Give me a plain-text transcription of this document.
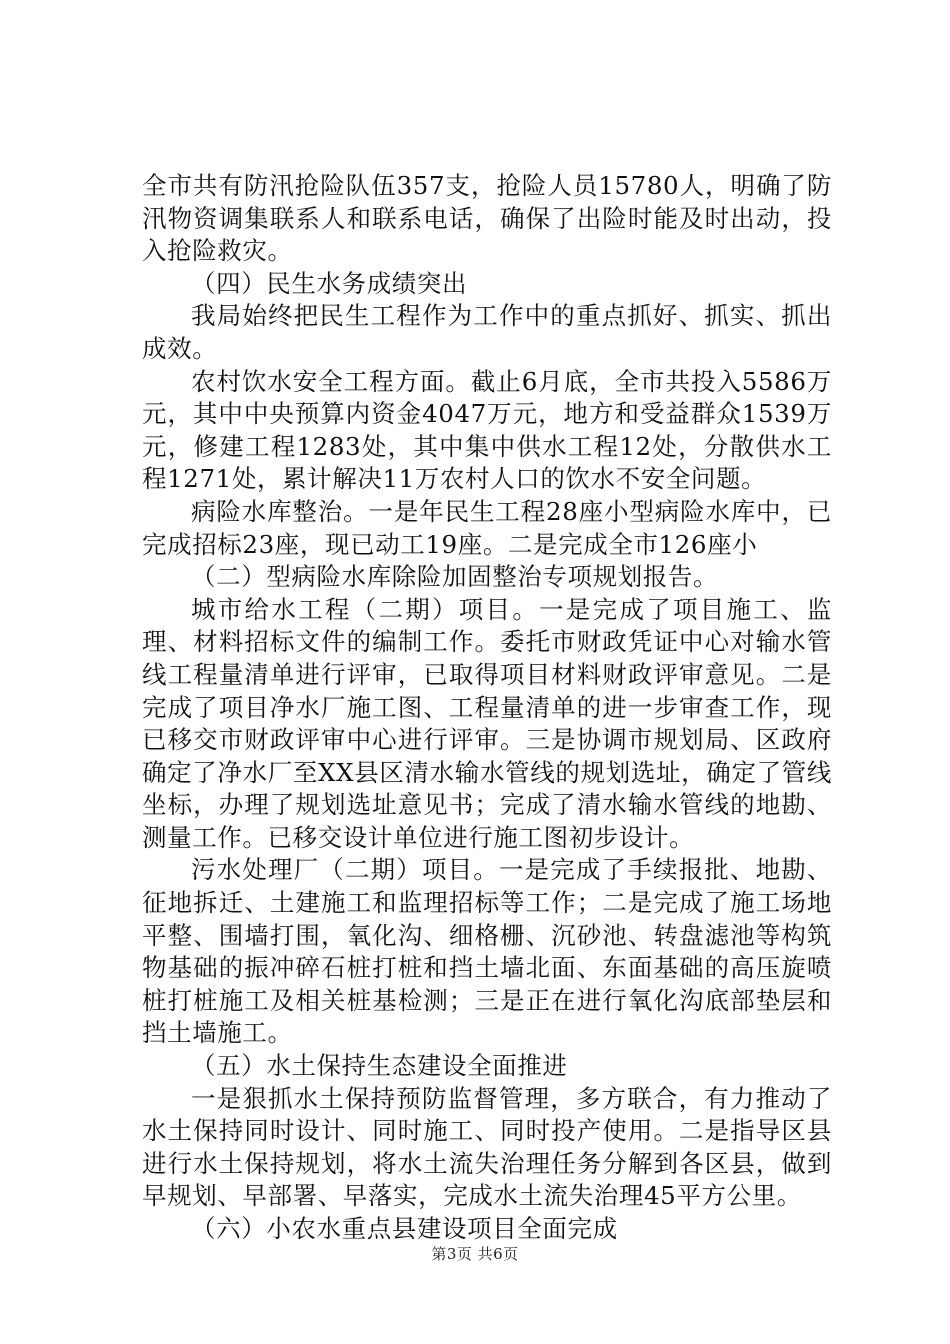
全市共有防汛抢险队伍357支，抢险人员15780人，明确了防汛物资调集联系人和联系电话，确保了出险时能及时出动，投入抢险救灾。

（四）民生水务成绩突出

我局始终把民生工程作为工作中的重点抓好、抓实、抓出成效。

农村饮水安全工程方面。截止6月底，全市共投入5586万元，其中中央预算内资金4047万元，地方和受益群众1539万元，修建工程1283处，其中集中供水工程12处，分散供水工程1271处，累计解决11万农村人口的饮水不安全问题。

病险水库整治。一是年民生工程28座小型病险水库中，已完成招标23座，现已动工19座。二是完成全市126座小

（二）型病险水库除险加固整治专项规划报告。

城市给水工程（二期）项目。一是完成了项目施工、监理、材料招标文件的编制工作。委托市财政凭证中心对输水管线工程量清单进行评审，已取得项目材料财政评审意见。二是完成了项目净水厂施工图、工程量清单的进一步审查工作，现已移交市财政评审中心进行评审。三是协调市规划局、区政府确定了净水厂至XX县区清水输水管线的规划选址，确定了管线坐标，办理了规划选址意见书；完成了清水输水管线的地勘、测量工作。已移交设计单位进行施工图初步设计。

污水处理厂（二期）项目。一是完成了手续报批、地勘、征地拆迁、土建施工和监理招标等工作；二是完成了施工场地平整、围墙打围，氧化沟、细格栅、沉砂池、转盘滤池等构筑物基础的振冲碎石桩打桩和挡土墙北面、东面基础的高压旋喷桩打桩施工及相关桩基检测；三是正在进行氧化沟底部垫层和挡土墙施工。

（五）水土保持生态建设全面推进

一是狠抓水土保持预防监督管理，多方联合，有力推动了水土保持同时设计、同时施工、同时投产使用。二是指导区县进行水土保持规划，将水土流失治理任务分解到各区县，做到早规划、早部署、早落实，完成水土流失治理45平方公里。

（六）小农水重点县建设项目全面完成

第3页 共6页
